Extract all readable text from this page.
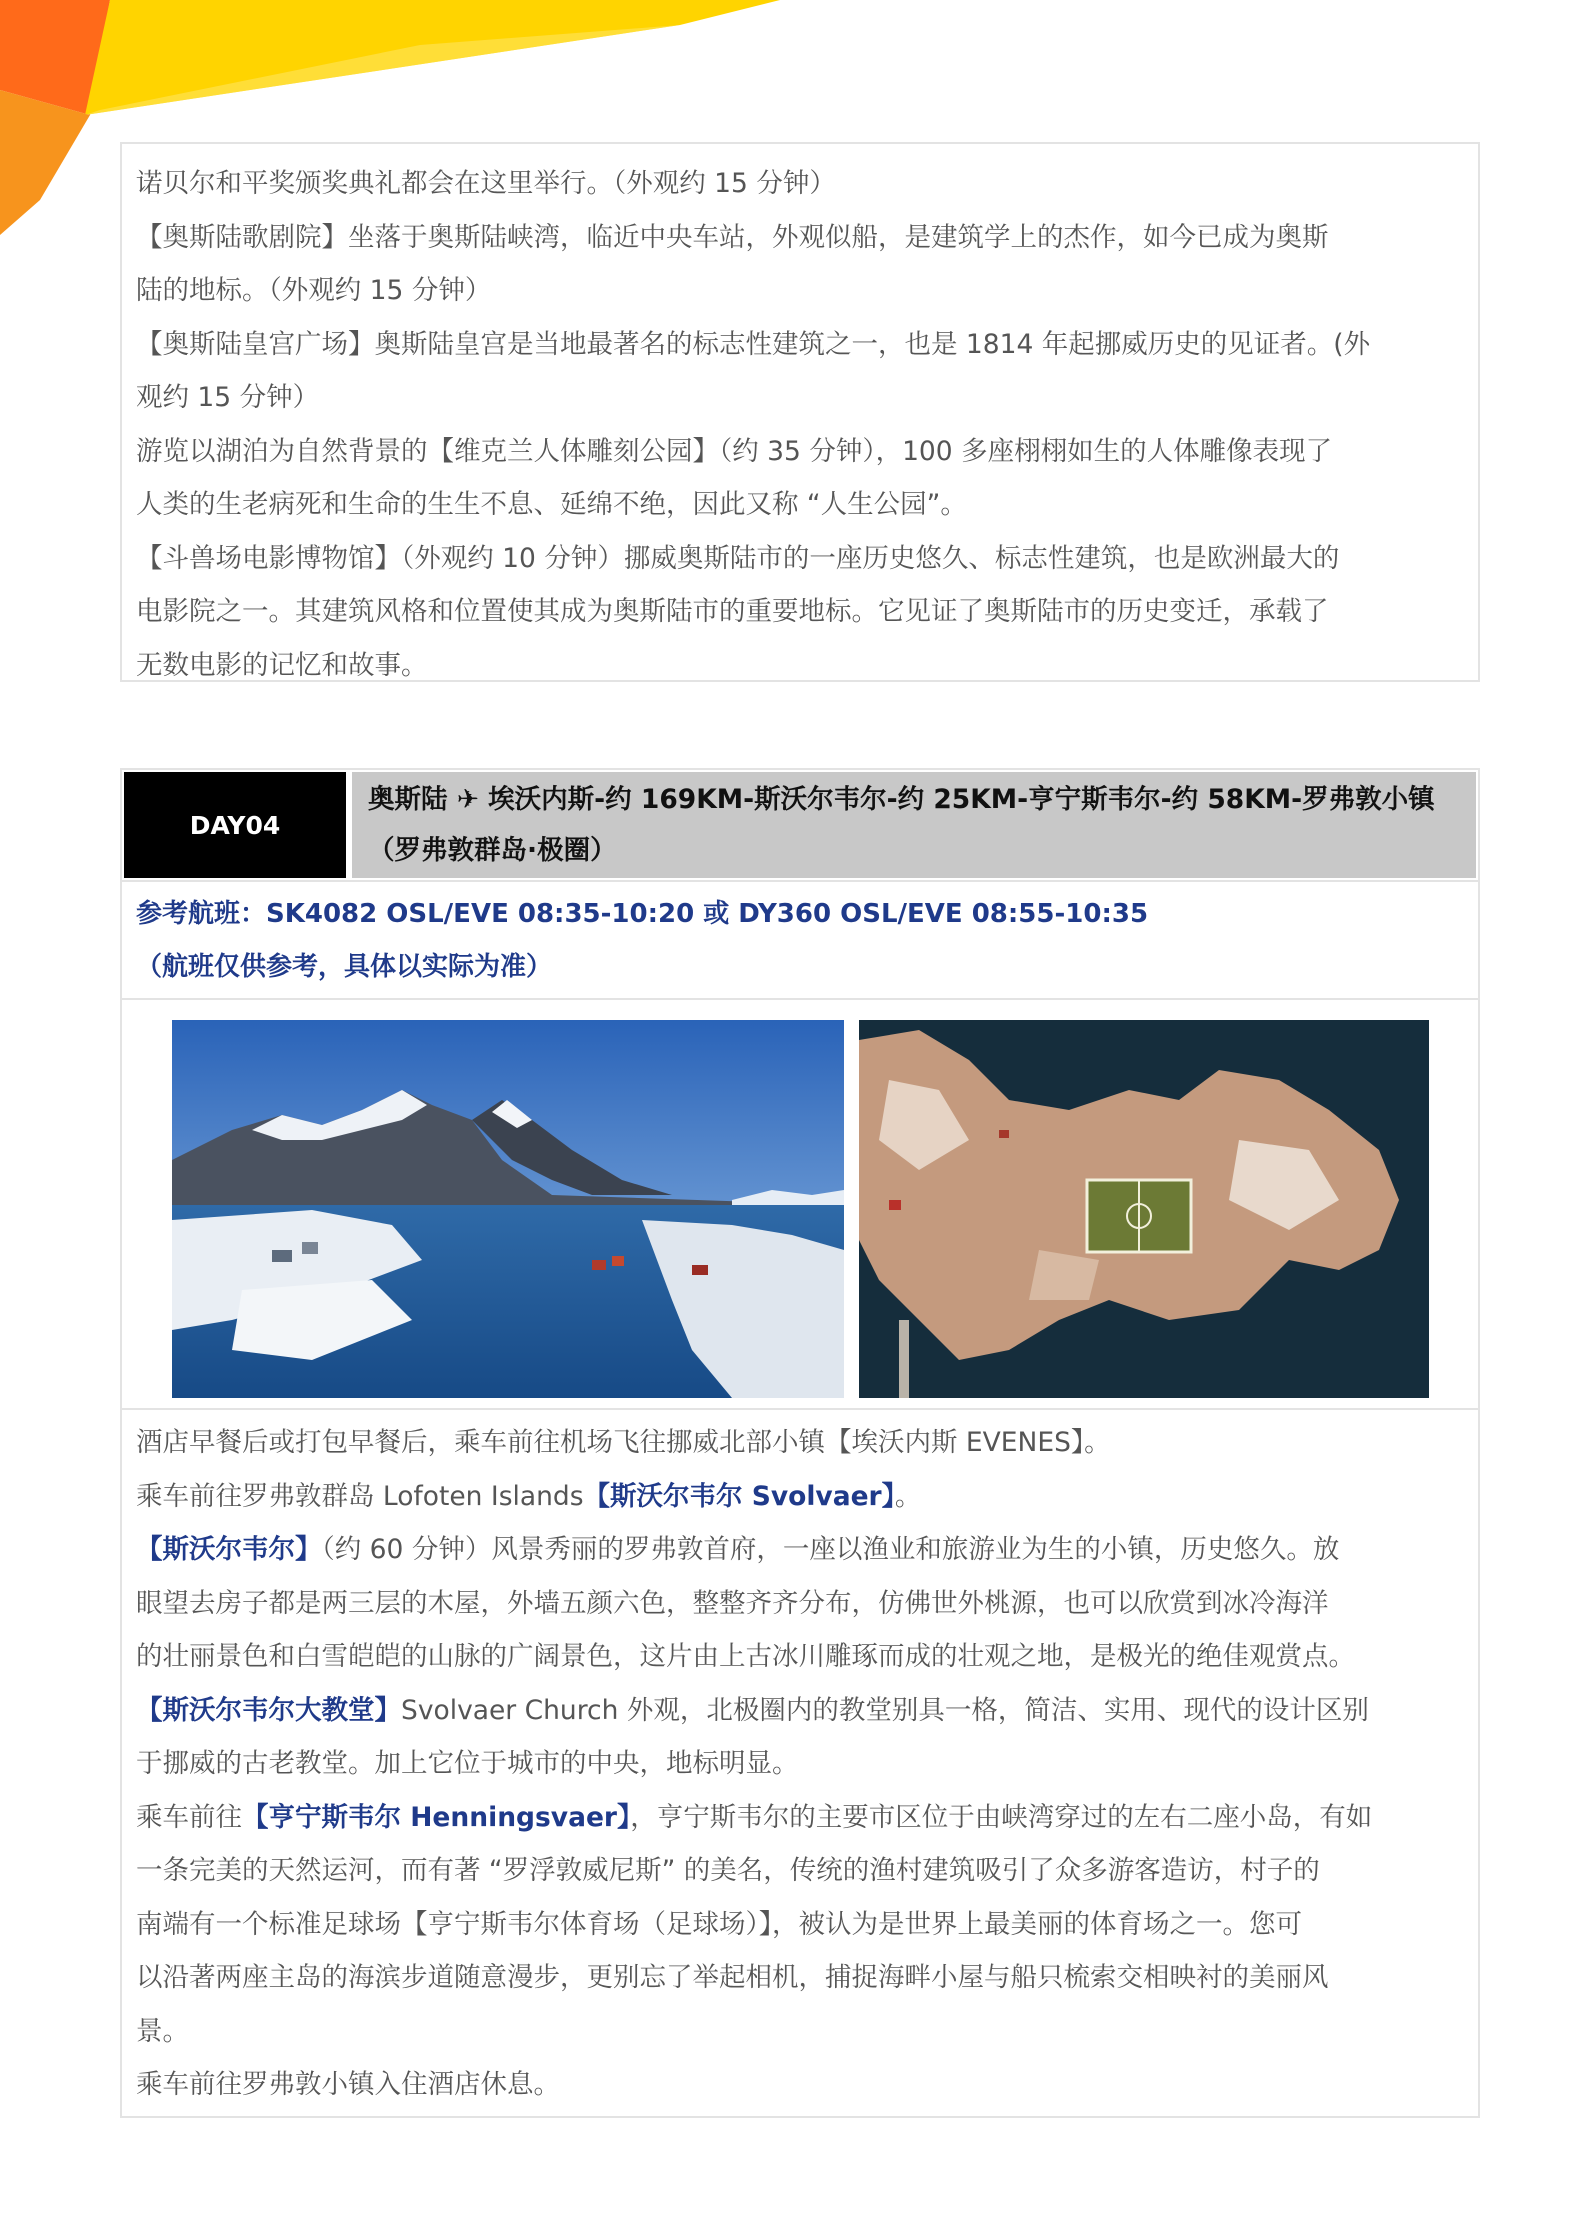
诺贝尔和平奖颁奖典礼都会在这里举行。（外观约 15 分钟）
【奥斯陆歌剧院】坐落于奥斯陆峡湾，临近中央车站，外观似船，是建筑学上的杰作，如今已成为奥斯
陆的地标。（外观约 15 分钟）
【奥斯陆皇宫广场】奥斯陆皇宫是当地最著名的标志性建筑之一，也是 1814 年起挪威历史的见证者。(外
观约 15 分钟）
游览以湖泊为自然背景的【维克兰人体雕刻公园】（约 35 分钟），100 多座栩栩如生的人体雕像表现了
人类的生老病死和生命的生生不息、延绵不绝，因此又称 “人生公园”。
【斗兽场电影博物馆】（外观约 10 分钟）挪威奥斯陆市的一座历史悠久、标志性建筑，也是欧洲最大的
电影院之一。其建筑风格和位置使其成为奥斯陆市的重要地标。它见证了奥斯陆市的历史变迁，承载了
无数电影的记忆和故事。
DAY04
奥斯陆 ✈ 埃沃内斯-约 169KM-斯沃尔韦尔-约 25KM-亨宁斯韦尔-约 58KM-罗弗敦小镇
（罗弗敦群岛·极圈）
参考航班：SK4082 OSL/EVE 08:35-10:20 或 DY360 OSL/EVE 08:55-10:35
（航班仅供参考，具体以实际为准）
酒店早餐后或打包早餐后，乘车前往机场飞往挪威北部小镇【埃沃内斯 EVENES】。
乘车前往罗弗敦群岛 Lofoten Islands【斯沃尔韦尔 Svolvaer】。
【斯沃尔韦尔】（约 60 分钟）风景秀丽的罗弗敦首府，一座以渔业和旅游业为生的小镇，历史悠久。放
眼望去房子都是两三层的木屋，外墙五颜六色，整整齐齐分布，仿佛世外桃源，也可以欣赏到冰冷海洋
的壮丽景色和白雪皑皑的山脉的广阔景色，这片由上古冰川雕琢而成的壮观之地，是极光的绝佳观赏点。
【斯沃尔韦尔大教堂】Svolvaer Church 外观，北极圈内的教堂别具一格，简洁、实用、现代的设计区别
于挪威的古老教堂。加上它位于城市的中央，地标明显。
乘车前往【亨宁斯韦尔 Henningsvaer】，亨宁斯韦尔的主要市区位于由峡湾穿过的左右二座小岛，有如
一条完美的天然运河，而有著 “罗浮敦威尼斯” 的美名，传统的渔村建筑吸引了众多游客造访，村子的
南端有一个标准足球场【亨宁斯韦尔体育场（足球场）】，被认为是世界上最美丽的体育场之一。您可
以沿著两座主岛的海滨步道随意漫步，更别忘了举起相机，捕捉海畔小屋与船只梳索交相映衬的美丽风
景。
乘车前往罗弗敦小镇入住酒店休息。
